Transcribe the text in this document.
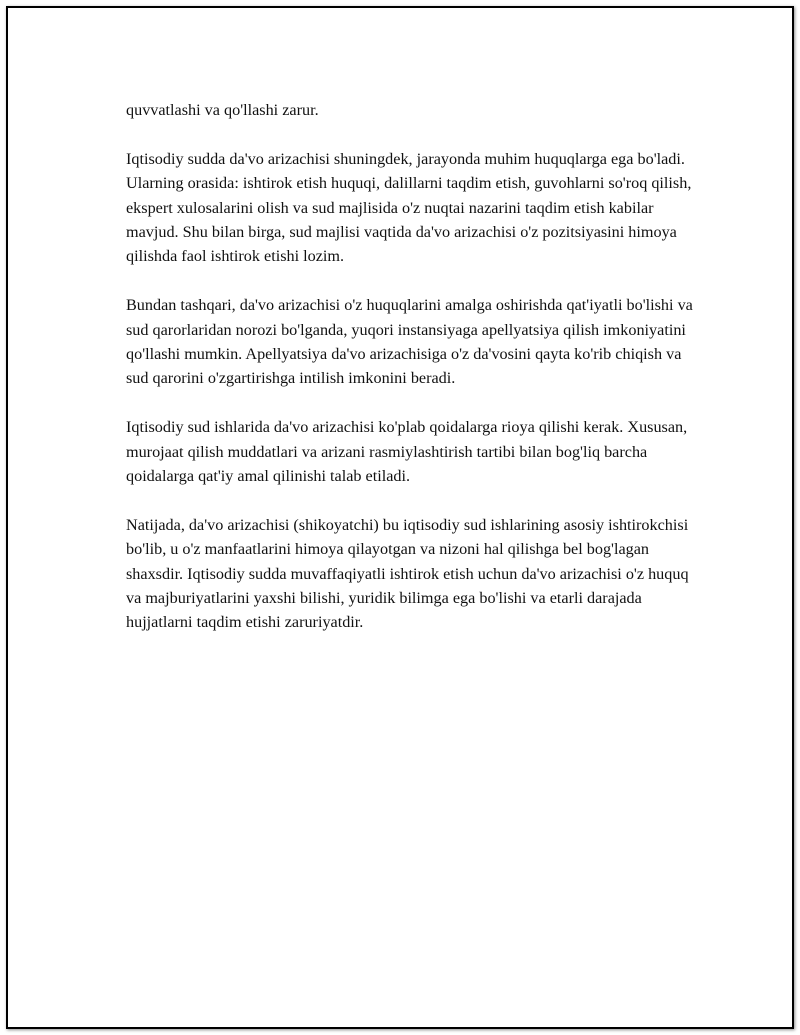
quvvatlashi va qo'llashi zarur.

Iqtisodiy sudda da'vo arizachisi shuningdek, jarayonda muhim huquqlarga ega bo'ladi. Ularning orasida: ishtirok etish huquqi, dalillarni taqdim etish, guvohlarni so'roq qilish, ekspert xulosalarini olish va sud majlisida o'z nuqtai nazarini taqdim etish kabilar mavjud. Shu bilan birga, sud majlisi vaqtida da'vo arizachisi o'z pozitsiyasini himoya qilishda faol ishtirok etishi lozim.

Bundan tashqari, da'vo arizachisi o'z huquqlarini amalga oshirishda qat'iyatli bo'lishi va sud qarorlaridan norozi bo'lganda, yuqori instansiyaga apellyatsiya qilish imkoniyatini qo'llashi mumkin. Apellyatsiya da'vo arizachisiga o'z da'vosini qayta ko'rib chiqish va sud qarorini o'zgartirishga intilish imkonini beradi.

Iqtisodiy sud ishlarida da'vo arizachisi ko'plab qoidalarga rioya qilishi kerak. Xususan, murojaat qilish muddatlari va arizani rasmiylashtirish tartibi bilan bog'liq barcha qoidalarga qat'iy amal qilinishi talab etiladi.

Natijada, da'vo arizachisi (shikoyatchi) bu iqtisodiy sud ishlarining asosiy ishtirokchisi bo'lib, u o'z manfaatlarini himoya qilayotgan va nizoni hal qilishga bel bog'lagan shaxsdir. Iqtisodiy sudda muvaffaqiyatli ishtirok etish uchun da'vo arizachisi o'z huquq va majburiyatlarini yaxshi bilishi, yuridik bilimga ega bo'lishi va etarli darajada hujjatlarni taqdim etishi zaruriyatdir.
